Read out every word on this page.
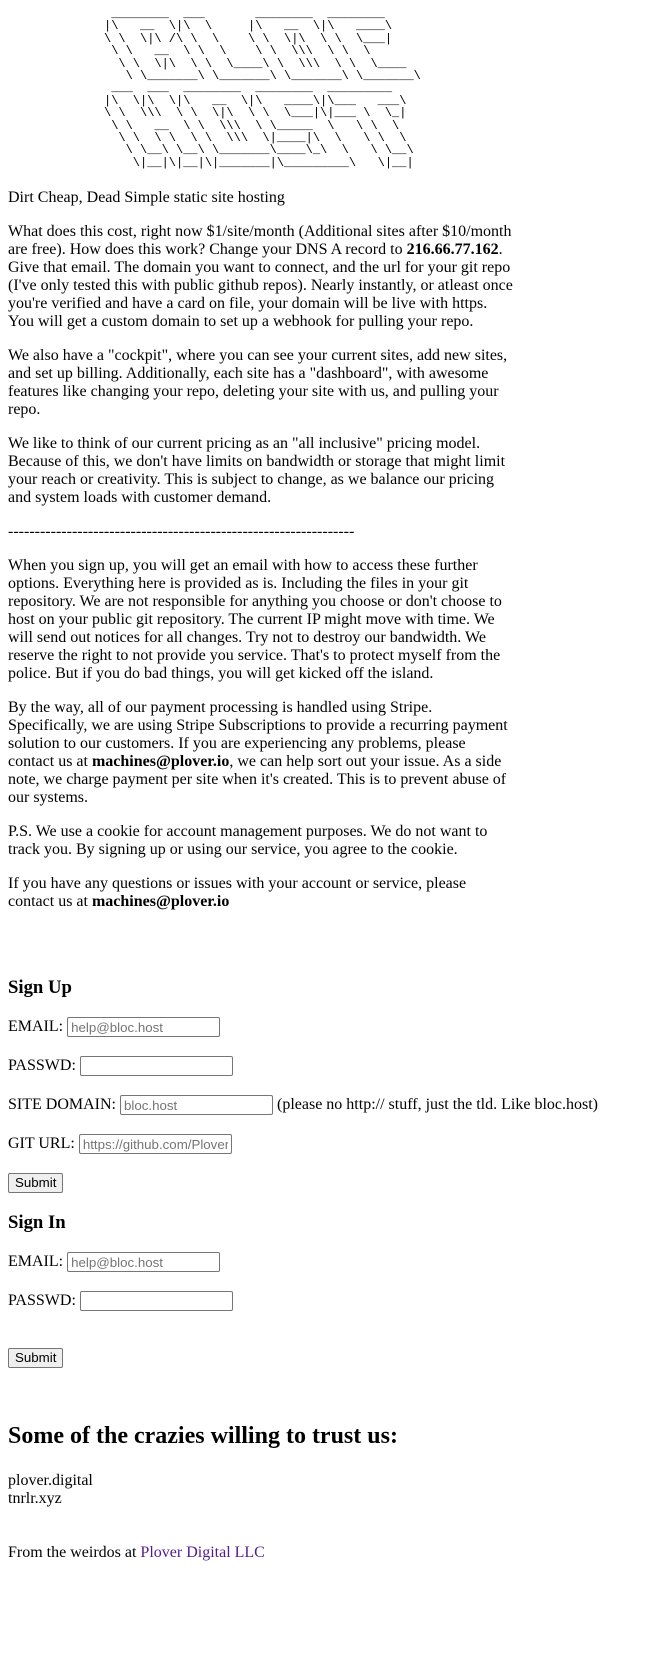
________  ___       ________  ________
|\   __  \|\  \     |\   __  \|\   ____\
\ \  \|\ /\ \  \    \ \  \|\  \ \  \___|
\ \   __  \ \  \    \ \  \\\  \ \  \
\ \  \|\  \ \  \____\ \  \\\  \ \  \____
\ \_______\ \_______\ \_______\ \_______\
___  ___  ________  ________  _________
|\  \|\  \|\   __  \|\   ____\|\___   ___\
\ \  \\\  \ \  \|\  \ \  \___|\|___ \  \_|
\ \   __  \ \  \\\  \ \_____  \   \ \  \
\ \  \ \  \ \  \\\  \|____|\  \   \ \  \
\ \__\ \__\ \_______\____\_\  \   \ \__\
\|__|\|__|\|_______|\_________\   \|__|
Dirt Cheap, Dead Simple static site hosting

What does this cost, right now $1/site/month (Additional sites after $10/month are free). How does this work? Change your DNS A record to 216.66.77.162. Give that email. The domain you want to connect, and the url for your git repo (I've only tested this with public github repos). Nearly instantly, or atleast once you're verified and have a card on file, your domain will be live with https. You will get a custom domain to set up a webhook for pulling your repo.

We also have a "cockpit", where you can see your current sites, add new sites, and set up billing. Additionally, each site has a "dashboard", with awesome features like changing your repo, deleting your site with us, and pulling your repo.

We like to think of our current pricing as an "all inclusive" pricing model. Because of this, we don't have limits on bandwidth or storage that might limit your reach or creativity. This is subject to change, as we balance our pricing and system loads with customer demand.

-----------------------------------------------------------------

When you sign up, you will get an email with how to access these further options. Everything here is provided as is. Including the files in your git repository. We are not responsible for anything you choose or don't choose to host on your public git repository. The current IP might move with time. We will send out notices for all changes. Try not to destroy our bandwidth. We reserve the right to not provide you service. That's to protect myself from the police. But if you do bad things, you will get kicked off the island.

By the way, all of our payment processing is handled using Stripe. Specifically, we are using Stripe Subscriptions to provide a recurring payment solution to our customers. If you are experiencing any problems, please contact us at machines@plover.io, we can help sort out your issue. As a side note, we charge payment per site when it's created. This is to prevent abuse of our systems.

P.S. We use a cookie for account management purposes. We do not want to track you. By signing up or using our service, you agree to the cookie.

If you have any questions or issues with your account or service, please contact us at machines@plover.io

Sign Up
EMAIL:
help@bloc.host
PASSWD:
SITE DOMAIN:
bloc.host	(please no http:// stuff, just the tld. Like bloc.host)
GIT URL:
https://github.com/Plover
Submit
Sign In
EMAIL:
help@bloc.host
PASSWD:
Submit
Some of the crazies willing to trust us:
plover.digital
tnrlr.xyz
From the weirdos at Plover Digital LLC
